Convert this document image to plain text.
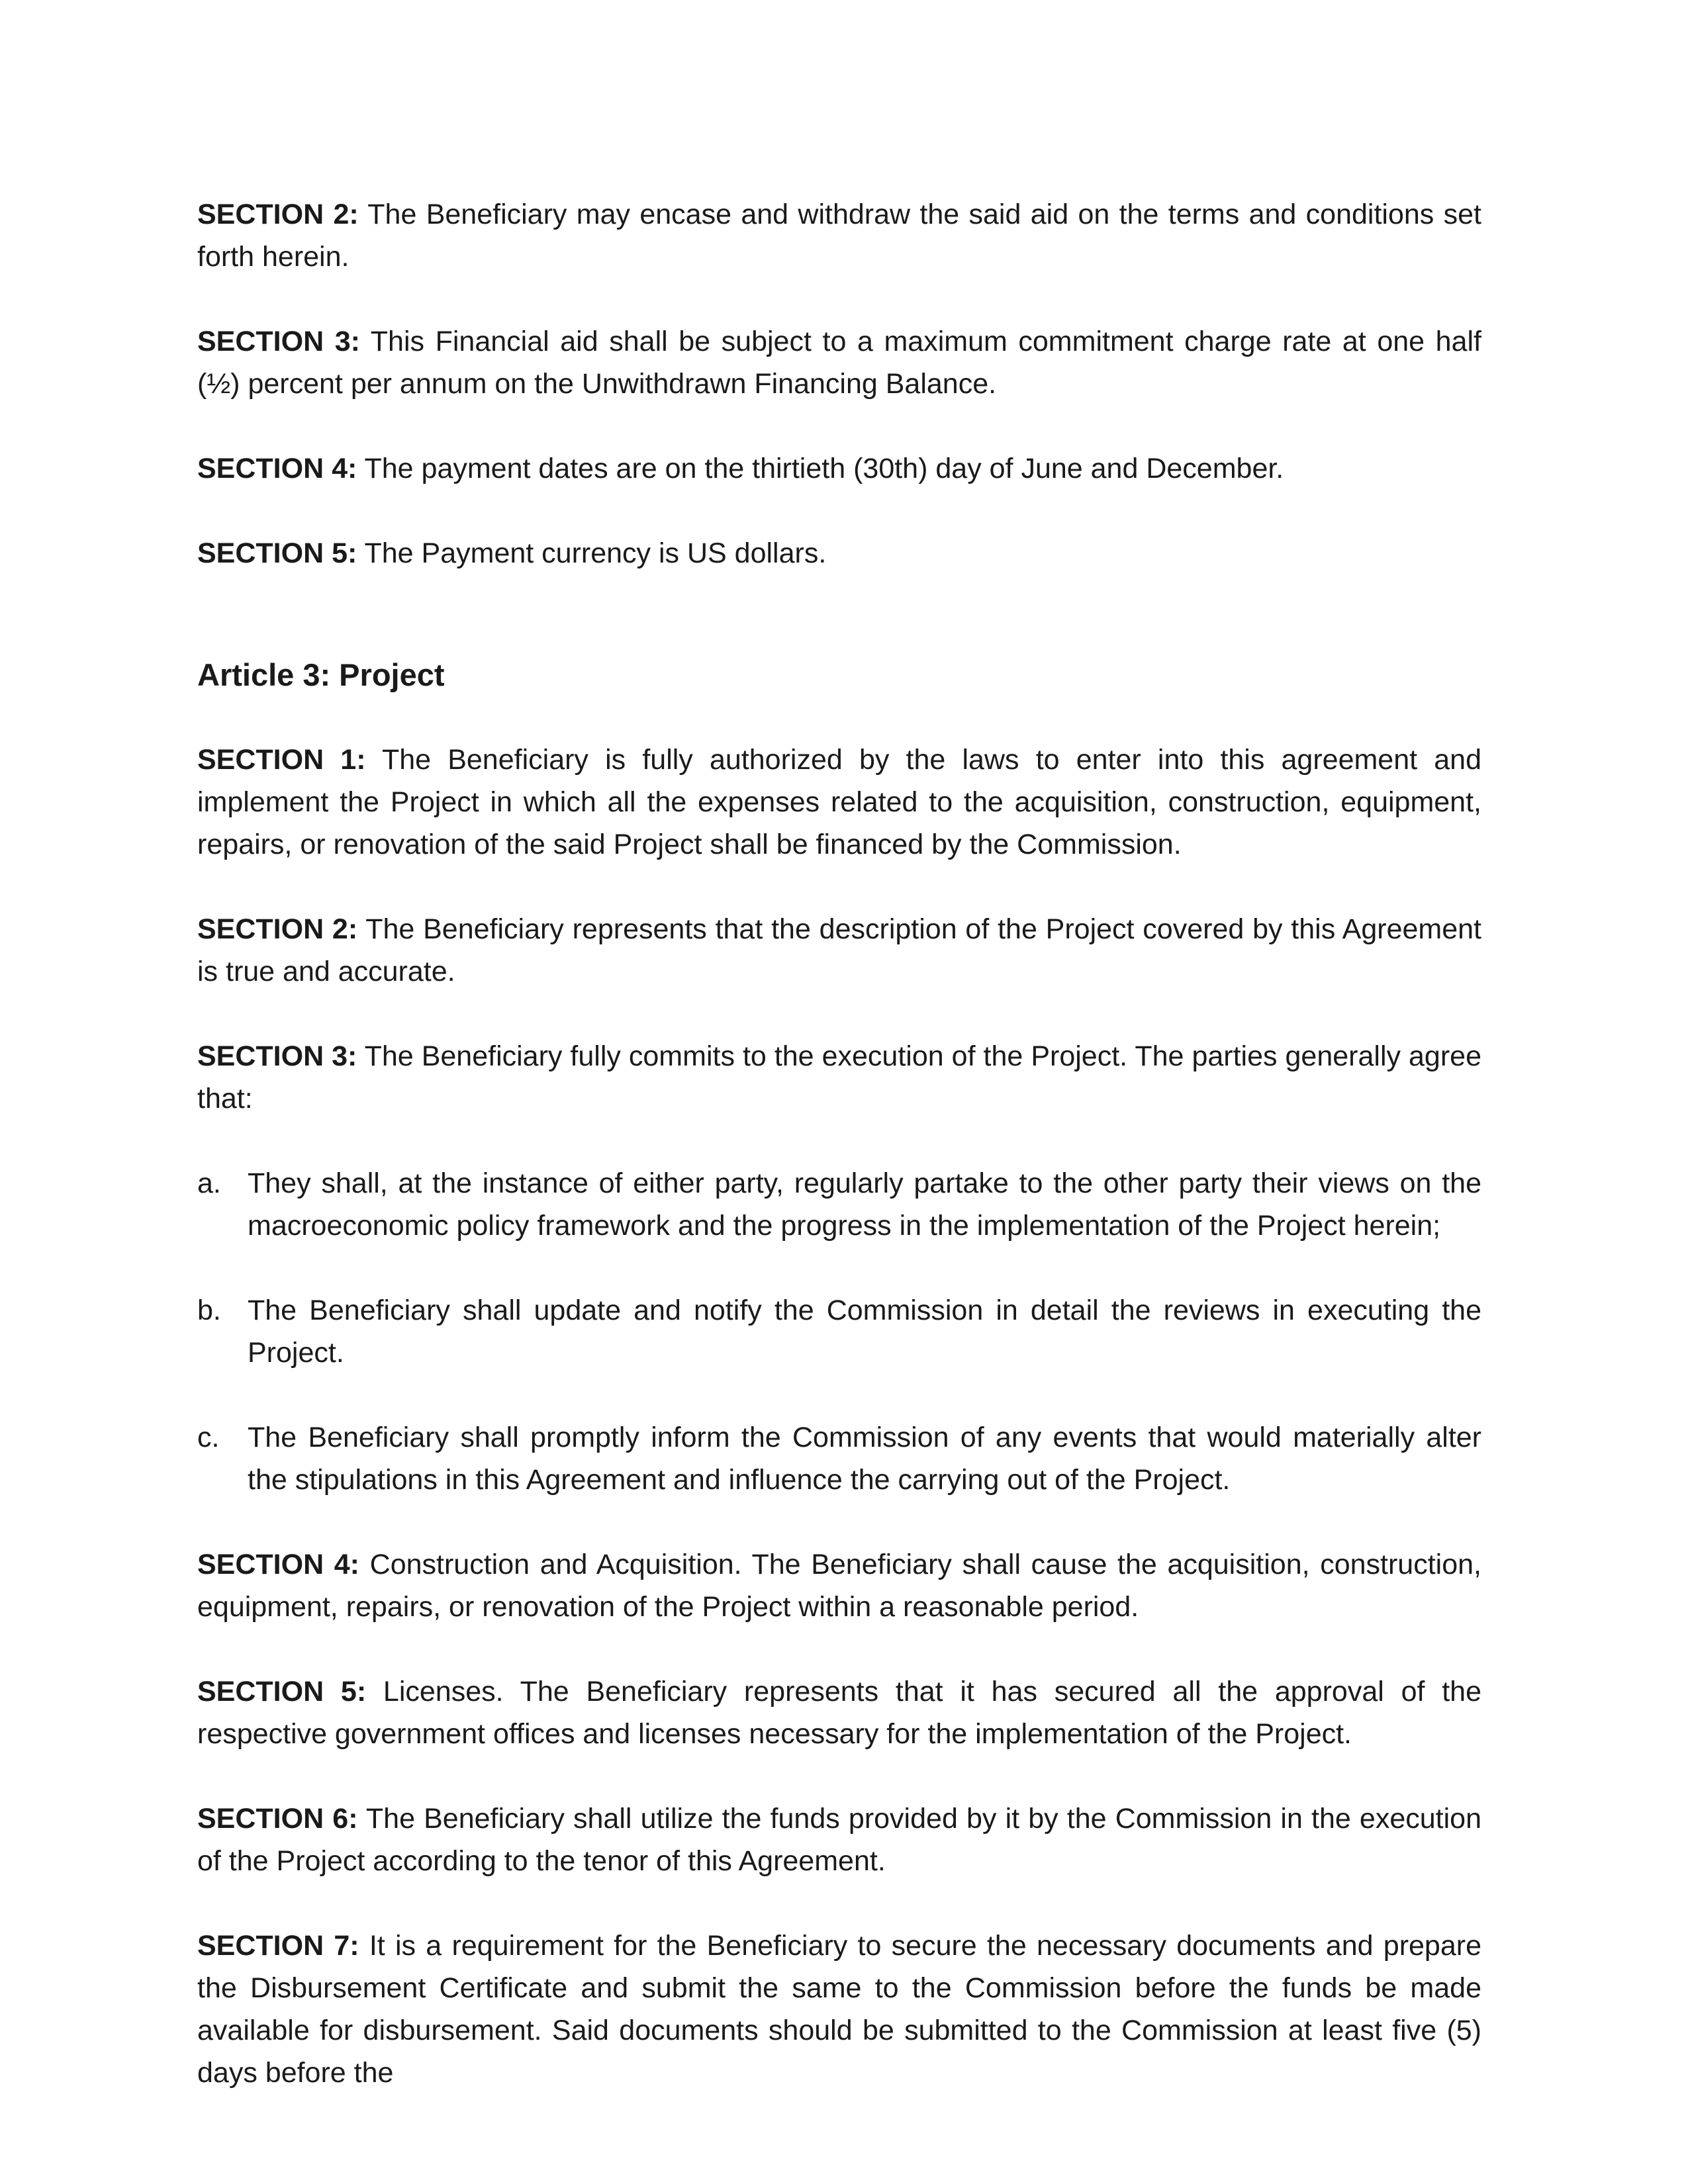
SECTION 2: The Beneficiary may encase and withdraw the said aid on the terms and conditions set forth herein.

SECTION 3: This Financial aid shall be subject to a maximum commitment charge rate at one half (½) percent per annum on the Unwithdrawn Financing Balance.

SECTION 4: The payment dates are on the thirtieth (30th) day of June and December.

SECTION 5: The Payment currency is US dollars.

Article 3: Project

SECTION 1: The Beneficiary is fully authorized by the laws to enter into this agreement and implement the Project in which all the expenses related to the acquisition, construction, equipment, repairs, or renovation of the said Project shall be financed by the Commission.

SECTION 2: The Beneficiary represents that the description of the Project covered by this Agreement is true and accurate.

SECTION 3: The Beneficiary fully commits to the execution of the Project. The parties generally agree that:

a. They shall, at the instance of either party, regularly partake to the other party their views on the macroeconomic policy framework and the progress in the implementation of the Project herein;
b. The Beneficiary shall update and notify the Commission in detail the reviews in executing the Project.
c. The Beneficiary shall promptly inform the Commission of any events that would materially alter the stipulations in this Agreement and influence the carrying out of the Project.

SECTION 4: Construction and Acquisition. The Beneficiary shall cause the acquisition, construction, equipment, repairs, or renovation of the Project within a reasonable period.

SECTION 5: Licenses. The Beneficiary represents that it has secured all the approval of the respective government offices and licenses necessary for the implementation of the Project.

SECTION 6: The Beneficiary shall utilize the funds provided by it by the Commission in the execution of the Project according to the tenor of this Agreement.

SECTION 7: It is a requirement for the Beneficiary to secure the necessary documents and prepare the Disbursement Certificate and submit the same to the Commission before the funds be made available for disbursement. Said documents should be submitted to the Commission at least five (5) days before the
